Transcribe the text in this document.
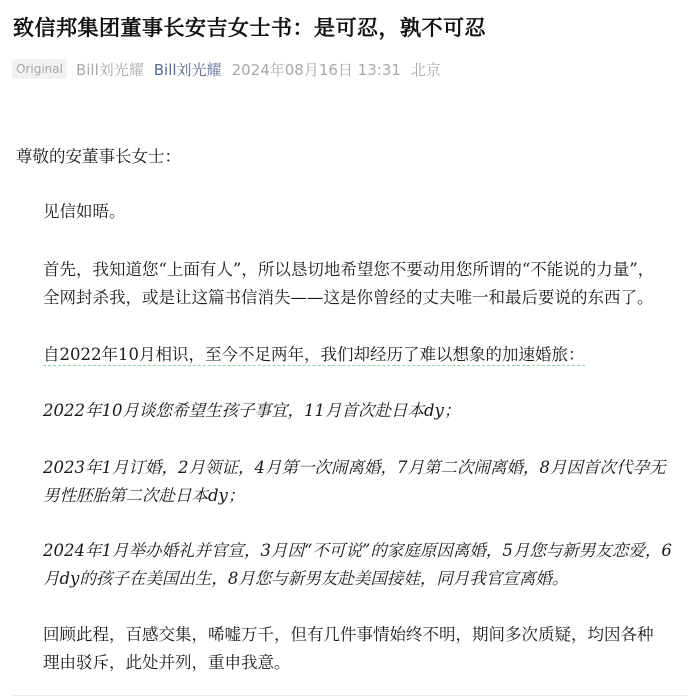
致信邦集团董事长安吉女士书：是可忍，孰不可忍
Original Bill刘光耀 Bill刘光耀 2024年08月16日 13:31 北京
尊敬的安董事长女士：
见信如晤。
首先，我知道您“上面有人”，所以恳切地希望您不要动用您所谓的“不能说的力量”，
全网封杀我，或是让这篇书信消失——这是你曾经的丈夫唯一和最后要说的东西了。
自2022年10月相识，至今不足两年，我们却经历了难以想象的加速婚旅：
2022年10月谈您希望生孩子事宜，11月首次赴日本dy；
2023年1月订婚，2月领证，4月第一次闹离婚，7月第二次闹离婚，8月因首次代孕无
男性胚胎第二次赴日本dy；
2024年1月举办婚礼并官宣，3月因“不可说”的家庭原因离婚，5月您与新男友恋爱，6
月dy的孩子在美国出生，8月您与新男友赴美国接娃，同月我官宣离婚。
回顾此程，百感交集，唏嘘万千，但有几件事情始终不明，期间多次质疑，均因各种
理由驳斥，此处并列，重申我意。
